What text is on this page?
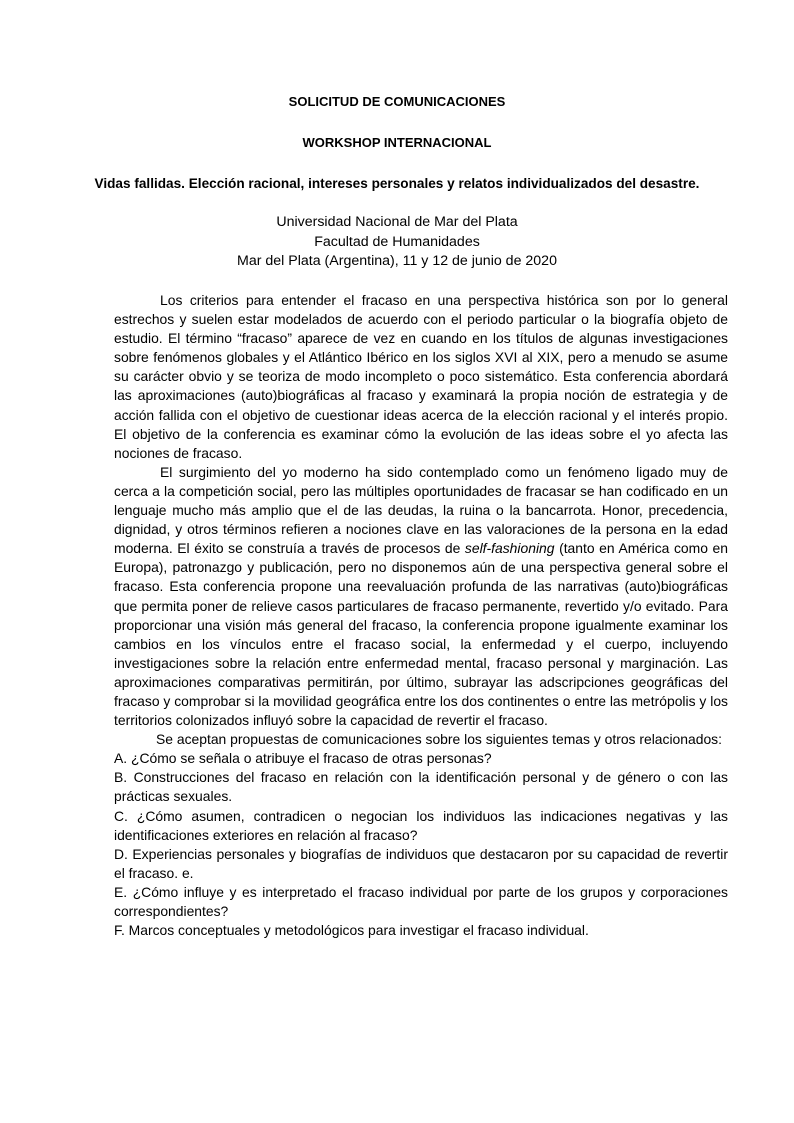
SOLICITUD DE COMUNICACIONES
WORKSHOP INTERNACIONAL
Vidas fallidas. Elección racional, intereses personales y relatos individualizados del desastre.
Universidad Nacional de Mar del Plata
Facultad de Humanidades
Mar del Plata (Argentina), 11 y 12 de junio de 2020

Los criterios para entender el fracaso en una perspectiva histórica son por lo general estrechos y suelen estar modelados de acuerdo con el periodo particular o la biografía objeto de estudio. El término “fracaso” aparece de vez en cuando en los títulos de algunas investigaciones sobre fenómenos globales y el Atlántico Ibérico en los siglos XVI al XIX, pero a menudo se asume su carácter obvio y se teoriza de modo incompleto o poco sistemático. Esta conferencia abordará las aproximaciones (auto)biográficas al fracaso y examinará la propia noción de estrategia y de acción fallida con el objetivo de cuestionar ideas acerca de la elección racional y el interés propio. El objetivo de la conferencia es examinar cómo la evolución de las ideas sobre el yo afecta las nociones de fracaso.

El surgimiento del yo moderno ha sido contemplado como un fenómeno ligado muy de cerca a la competición social, pero las múltiples oportunidades de fracasar se han codificado en un lenguaje mucho más amplio que el de las deudas, la ruina o la bancarrota. Honor, precedencia, dignidad, y otros términos refieren a nociones clave en las valoraciones de la persona en la edad moderna. El éxito se construía a través de procesos de self-fashioning (tanto en América como en Europa), patronazgo y publicación, pero no disponemos aún de una perspectiva general sobre el fracaso. Esta conferencia propone una reevaluación profunda de las narrativas (auto)biográficas que permita poner de relieve casos particulares de fracaso permanente, revertido y/o evitado. Para proporcionar una visión más general del fracaso, la conferencia propone igualmente examinar los cambios en los vínculos entre el fracaso social, la enfermedad y el cuerpo, incluyendo investigaciones sobre la relación entre enfermedad mental, fracaso personal y marginación. Las aproximaciones comparativas permitirán, por último, subrayar las adscripciones geográficas del fracaso y comprobar si la movilidad geográfica entre los dos continentes o entre las metrópolis y los territorios colonizados influyó sobre la capacidad de revertir el fracaso.

Se aceptan propuestas de comunicaciones sobre los siguientes temas y otros relacionados:

A. ¿Cómo se señala o atribuye el fracaso de otras personas?

B. Construcciones del fracaso en relación con la identificación personal y de género o con las prácticas sexuales.

C. ¿Cómo asumen, contradicen o negocian los individuos las indicaciones negativas y las identificaciones exteriores en relación al fracaso?

D. Experiencias personales y biografías de individuos que destacaron por su capacidad de revertir el fracaso. e.

E. ¿Cómo influye y es interpretado el fracaso individual por parte de los grupos y corporaciones correspondientes?

F. Marcos conceptuales y metodológicos para investigar el fracaso individual.
